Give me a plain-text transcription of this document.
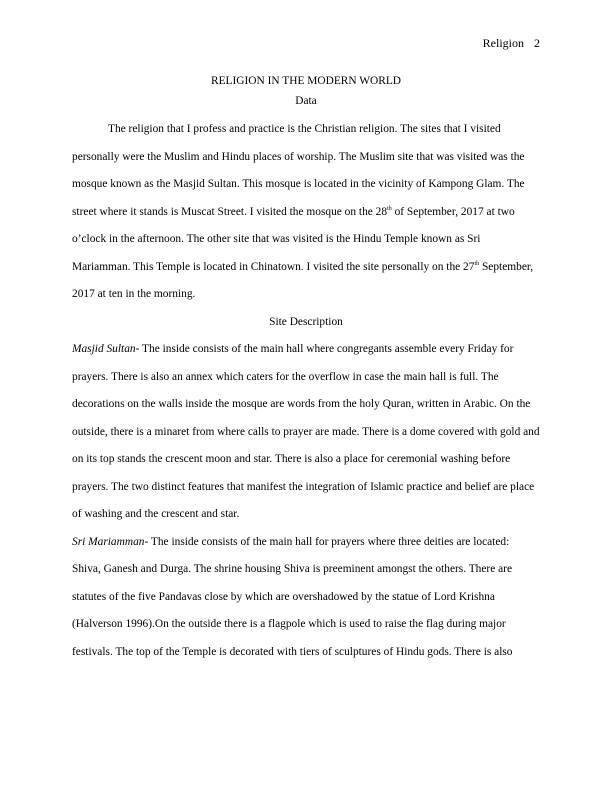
Religion 2

RELIGION IN THE MODERN WORLD

Data

The religion that I profess and practice is the Christian religion. The sites that I visited personally were the Muslim and Hindu places of worship. The Muslim site that was visited was the mosque known as the Masjid Sultan. This mosque is located in the vicinity of Kampong Glam. The street where it stands is Muscat Street. I visited the mosque on the 28th of September, 2017 at two o’clock in the afternoon. The other site that was visited is the Hindu Temple known as Sri Mariamman. This Temple is located in Chinatown. I visited the site personally on the 27th September, 2017 at ten in the morning.

Site Description

Masjid Sultan- The inside consists of the main hall where congregants assemble every Friday for prayers. There is also an annex which caters for the overflow in case the main hall is full. The decorations on the walls inside the mosque are words from the holy Quran, written in Arabic. On the outside, there is a minaret from where calls to prayer are made. There is a dome covered with gold and on its top stands the crescent moon and star. There is also a place for ceremonial washing before prayers. The two distinct features that manifest the integration of Islamic practice and belief are place of washing and the crescent and star.

Sri Mariamman- The inside consists of the main hall for prayers where three deities are located: Shiva, Ganesh and Durga. The shrine housing Shiva is preeminent amongst the others. There are statutes of the five Pandavas close by which are overshadowed by the statue of Lord Krishna (Halverson 1996).On the outside there is a flagpole which is used to raise the flag during major festivals. The top of the Temple is decorated with tiers of sculptures of Hindu gods. There is also
